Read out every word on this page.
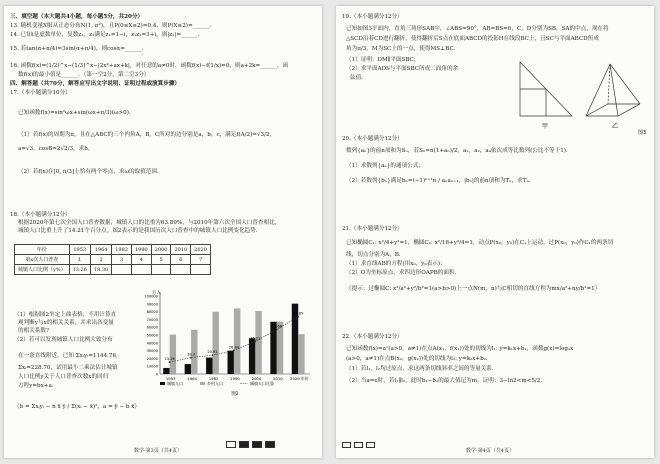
年份	1953	1964	1982	1990	2000	2010	2020
第x次人口普查	1	2	3	4	5	6	7
城镇人口比例（y%）	13.26	18.30					
万人
0
10000
20000
30000
40000
50000
60000
70000
80000
90000
100000
1953	1964	1982	1990	2000	2010 2020 年份
13.26
18.3
20.91
26.44
36.22
49.68
63.89
城镇人口	乡村人口	城镇人口比重
图2
数学·第3页（共4页）
三、填空题（本大题共4小题，每小题5分，共20分）
13. 随机变量X服从正态分布N(1, σ²)，且P(0≤X≤2)=0.4，则P(X≤2)=______.
14. 已知i是虚数单位，复数z₁，z₂满足z₁=1−i，z₁z₂=3+i，则|z₂|=______.
15. 若tan(α+π/4)=3sin(α+π/4)，则cosα=______.
16. 函数f(x)=(1/2)^x−(1/3)^x−|2x²+ax+k|，对任意的a≠0时，函数f(x)−f(1/x)=0，则a+2k=______，函
数f(x)的最小值是______．（第一空2分，第二空3分）
四、解答题（共70分，解答应写出文字说明、证明过程或演算步骤）
17.（本小题满分10分）
已知函数f(x)=sin²ωx+sin(ωx+π/3)(ω>0).
（1）若f(x)的周期为π，且在△ABC的三个内角A，B，C所对的边分别是a，b，c，满足f(A/2)=√3/2，
a=√3，cosB=2√2/3，求b。
（2）若f(x)在[0, π/3]上恰有两个零点，求ω的取值范围.
18.（本小题满分12分）
根据2020年第七次全国人口普查数据，城镇人口的比重为63.89%，与2010年第六次全国人口普查相比，
城镇人口比重上升了14.21个百分点。图2表示的是我国历次人口普查中的城镇人口比例变化趋势.
（1）根据图2坐定上曲表格，不用计算直
观判断y与x的相关关系，并求出各变量
的相关系数?
（2）若可以发现城镇人口比例大致分布
在一条直线附近，已知 Σxᵢyᵢ=1144.76,
Σxᵢ=228.70，试用最小二乘法估计城镇
人口比例y关于人口普查次数x的回归
方程y=bx+a.
（b = Σxᵢyᵢ − n x̄ ȳ / Σ(xᵢ − x̄)²，a = ȳ − b x̄）
甲	乙
图3
数学·第4页（共4页）
19.（本小题满分12分）
已知如图3平面内，直角三角形SAB中，∠ABS=90°，AB=BS=6，C，D分别为SB，SA的中点，现在将
△SCD沿着CD进行翻折，使得翻折后S点在底面ABCD的投影H在线段BC上，且SC与平面ABCD所成
角为π/3，M为SC上的一点，使得MS⊥BC.
（1）证明：DM∥平面SBC;
（2）求平面ADS与平面SBC所成二面角的余
弦值.
20.（本小题满分12分）
数列{aₙ}的前n项和为Sₙ，若Sₙ=n(1+aₙ)/2，a₁，a₂，a₄依次成等比数列(公比不等于1).
（1）求数列{aₙ}的通项公式；
（2）若数列{bₙ}满足bₙ=(−1)ⁿ⁺¹n / aₙaₙ₊₁，|bₙ|的前n项和为Tₙ，求Tₙ.
21.（本小题满分12分）
已知椭圆C₁: x²/4+y²=1，椭圆C₂: x²/16+y²/4=1，动点P(x₀，y₀)在C₁上运动，过P(x₀，y₀)作C₁的两条切
线，切点分别为A，B.
（1）求直线AB的方程(用x₀，y₀表示)；
（2）O为坐标原点，求四边形OAPB的面积.
（提示：过椭圆C: x²/a²+y²/b²=1(a>b>0)上一点N(m，n)与C相切的直线方程为mx/a²+ny/b²=1）
22.（本小题满分12分）
已知函数f(x)=aˣ(a>0，a≠1)在点A(x₁，f(x₁))处的切线为l₁: y=k₁x+b₁，函数g(x)=logₐx
(a>0，a≠1)在点B(x₂，g(x₂))处的切线为l₂: y=k₂x+b₂.
（1）若l₁，l₂均过原点，求这两条切线斜率之间的等量关系.
（2）当a=e时，若l₁∥l₂，此时b₁−b₂的最大值记为m，证明：3−ln2<m<5/2.
